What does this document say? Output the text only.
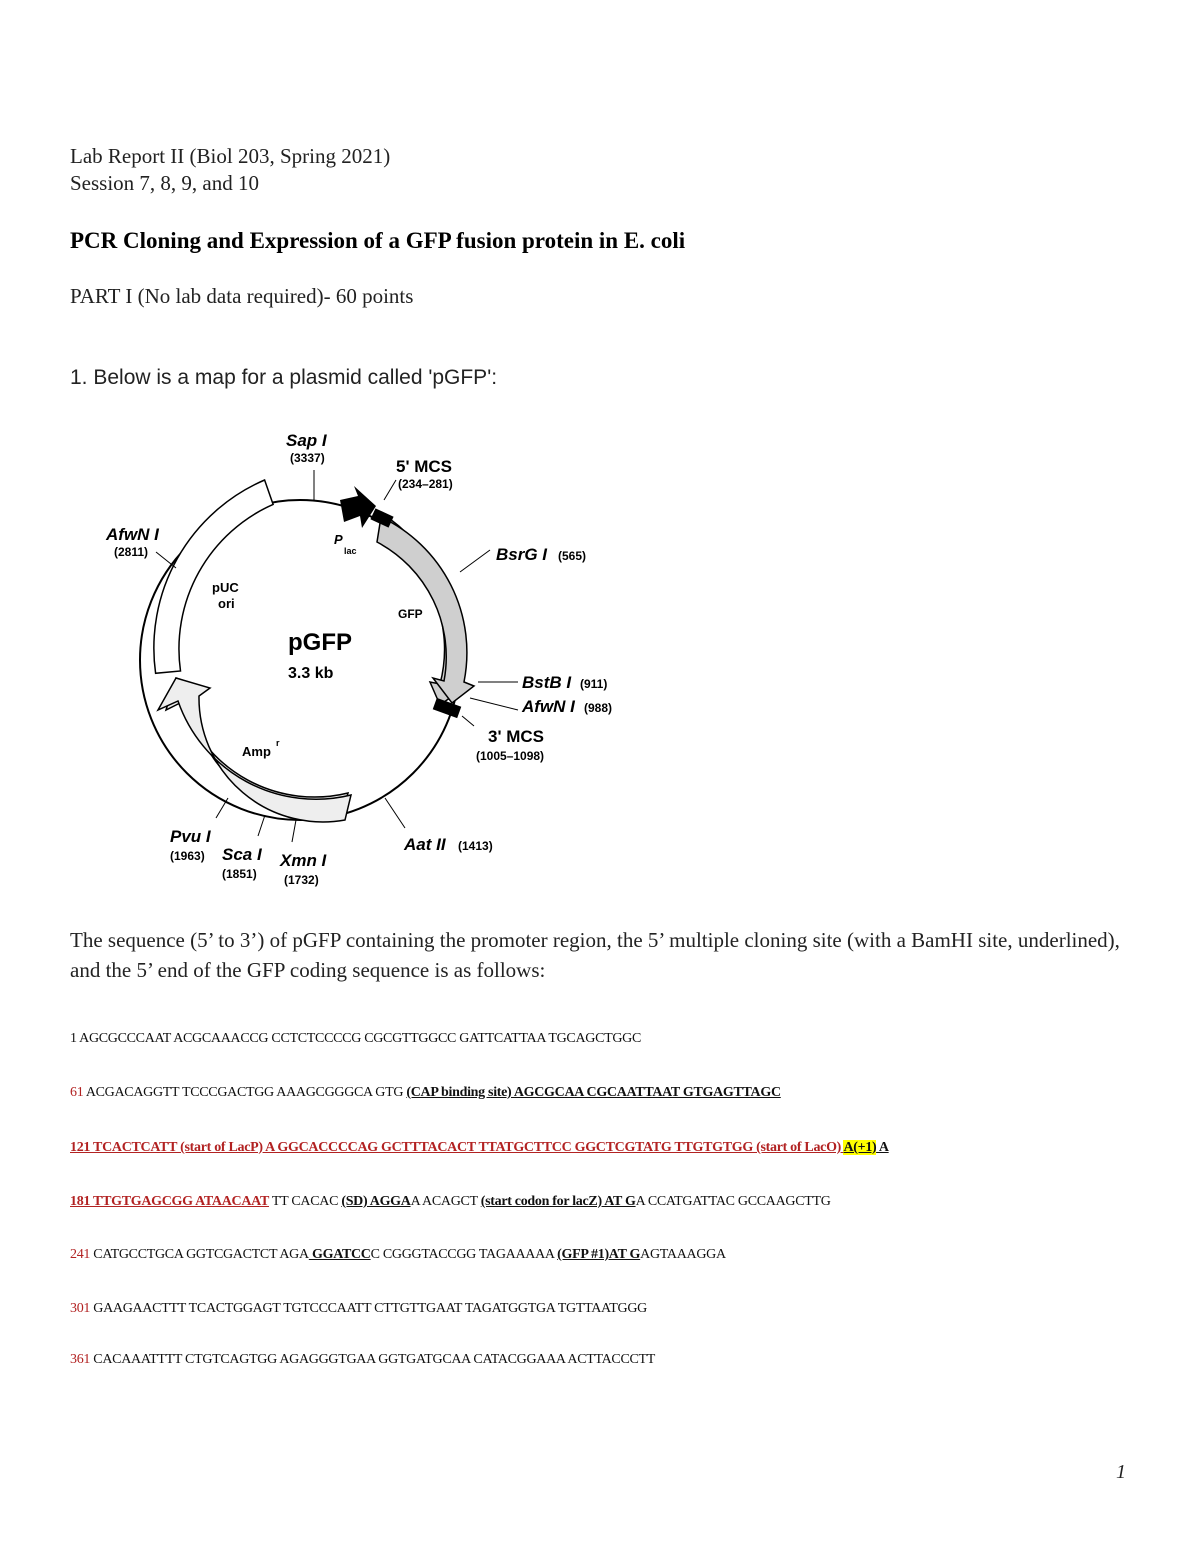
Lab Report II (Biol 203, Spring 2021)
Session 7, 8, 9, and 10
PCR Cloning and Expression of a GFP fusion protein in E. coli
PART I (No lab data required)- 60 points
1. Below is a map for a plasmid called 'pGFP':
pGFP
3.3 kb
pUC
ori
GFP
Amp
r
P
lac
Sap I
(3337)	5' MCS
(234–281)
BsrG I (565)
BstB I (911)
AfwN I (988)
3' MCS
(1005–1098)
Aat II (1413)
Xmn I
(1732)
Sca I
(1851)
Pvu I
(1963)
AfwN I
(2811)
The sequence (5’ to 3’) of pGFP containing the promoter region, the 5’ multiple cloning site (with a BamHI site, underlined), and the 5’ end of the GFP coding sequence is as follows:
1 AGCGCCCAAT ACGCAAACCG CCTCTCCCCG CGCGTTGGCC GATTCATTAA TGCAGCTGGC
61 ACGACAGGTT TCCCGACTGG AAAGCGGGCA GTG (CAP binding site) AGCGCAA CGCAATTAAT GTGAGTTAGC
121 TCACTCATT (start of LacP) A GGCACCCCAG GCTTTACACT TTATGCTTCC GGCTCGTATG TTGTGTGG (start of LacO) A(+1) A
181 TTGTGAGCGG ATAACAAT TT CACAC (SD) AGGAA ACAGCT (start codon for lacZ) AT GA CCATGATTAC GCCAAGCTTG
241 CATGCCTGCA GGTCGACTCT AGA GGATCCC CGGGTACCGG TAGAAAAA (GFP #1)AT GAGTAAAGGA
301 GAAGAACTTT TCACTGGAGT TGTCCCAATT CTTGTTGAAT TAGATGGTGA TGTTAATGGG
361 CACAAATTTT CTGTCAGTGG AGAGGGTGAA GGTGATGCAA CATACGGAAA ACTTACCCTT
1
